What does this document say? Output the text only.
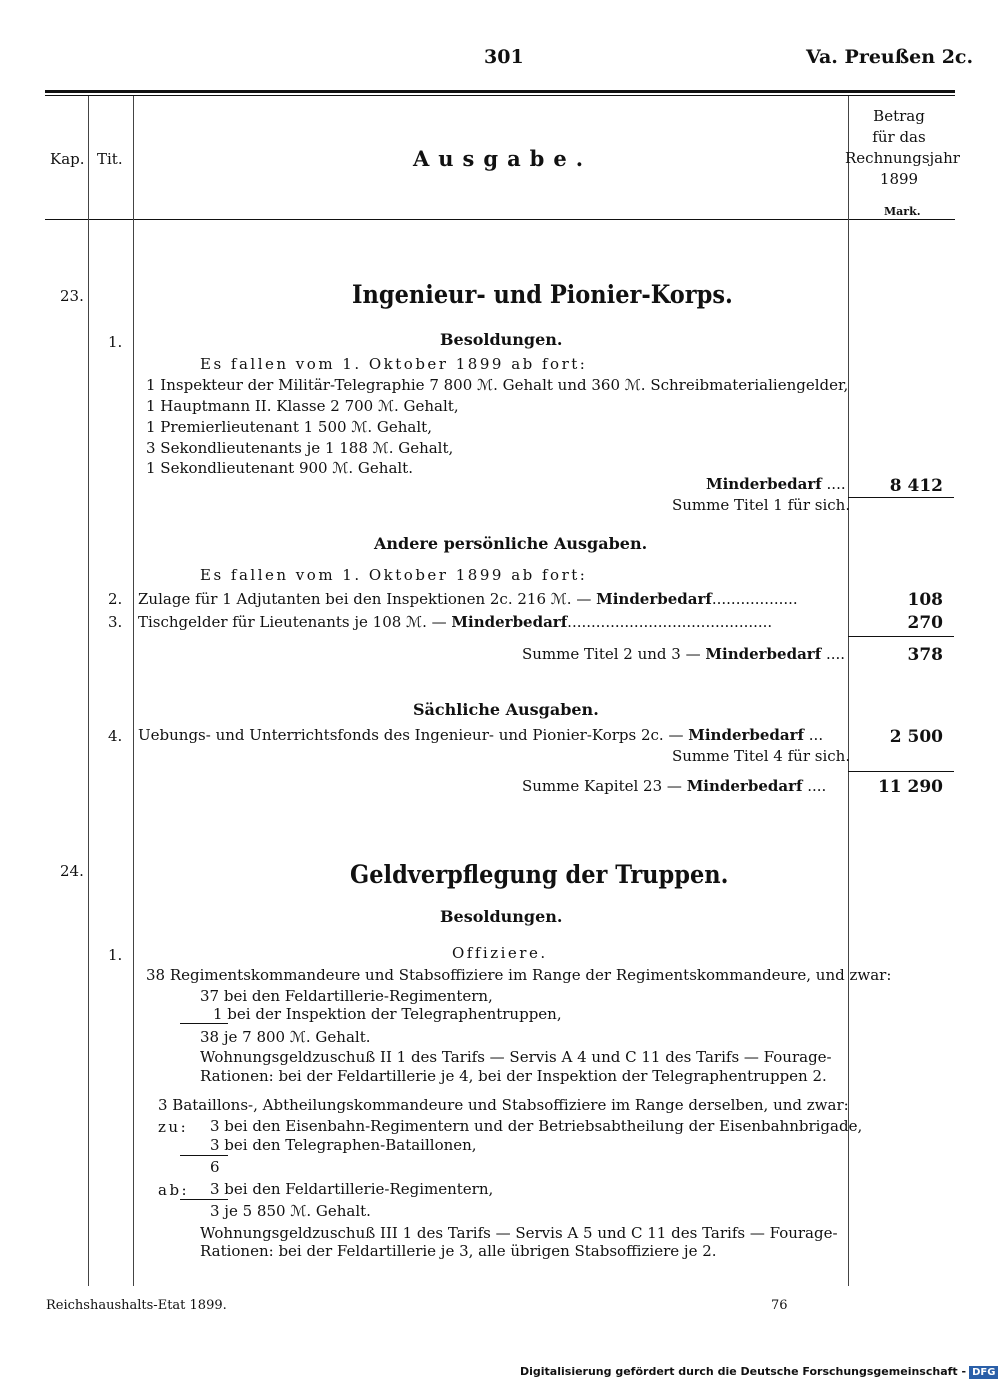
301	Va. Preußen 2c.
Kap. Tit.	Ausgabe.
Betrag
für das
Rechnungsjahr
1899
Mark.
23.	Ingenieur- und Pionier-Korps.
Besoldungen.
1.
Es fallen vom 1. Oktober 1899 ab fort:
1 Inspekteur der Militär-Telegraphie 7 800 ℳ. Gehalt und 360 ℳ. Schreibmaterialiengelder,
1 Hauptmann II. Klasse 2 700 ℳ. Gehalt,
1 Premierlieutenant 1 500 ℳ. Gehalt,
3 Sekondlieutenants je 1 188 ℳ. Gehalt,
1 Sekondlieutenant 900 ℳ. Gehalt.
Minderbedarf ....	8 412
Summe Titel 1 für sich.
Andere persönliche Ausgaben.
Es fallen vom 1. Oktober 1899 ab fort:
2. Zulage für 1 Adjutanten bei den Inspektionen 2c. 216 ℳ. — Minderbedarf..................	108
3. Tischgelder für Lieutenants je 108 ℳ. — Minderbedarf...........................................	270
Summe Titel 2 und 3 — Minderbedarf ....	378
Sächliche Ausgaben.
4. Uebungs- und Unterrichtsfonds des Ingenieur- und Pionier-Korps 2c. — Minderbedarf ...	2 500
Summe Titel 4 für sich.
Summe Kapitel 23 — Minderbedarf ....	11 290
24.	Geldverpflegung der Truppen.
Besoldungen.
1.	Offiziere.
38 Regimentskommandeure und Stabsoffiziere im Range der Regimentskommandeure, und zwar:
37 bei den Feldartillerie-Regimentern,
1 bei der Inspektion der Telegraphentruppen,
38 je 7 800 ℳ. Gehalt.
Wohnungsgeldzuschuß II 1 des Tarifs — Servis A 4 und C 11 des Tarifs — Fourage-
Rationen: bei der Feldartillerie je 4, bei der Inspektion der Telegraphentruppen 2.
3 Bataillons-, Abtheilungskommandeure und Stabsoffiziere im Range derselben, und zwar:
zu: 3 bei den Eisenbahn-Regimentern und der Betriebsabtheilung der Eisenbahnbrigade,
3 bei den Telegraphen-Bataillonen,
6
ab: 3 bei den Feldartillerie-Regimentern,
3 je 5 850 ℳ. Gehalt.
Wohnungsgeldzuschuß III 1 des Tarifs — Servis A 5 und C 11 des Tarifs — Fourage-
Rationen: bei der Feldartillerie je 3, alle übrigen Stabsoffiziere je 2.
Reichshaushalts-Etat 1899.	76
Digitalisierung gefördert durch die Deutsche Forschungsgemeinschaft - DFG
